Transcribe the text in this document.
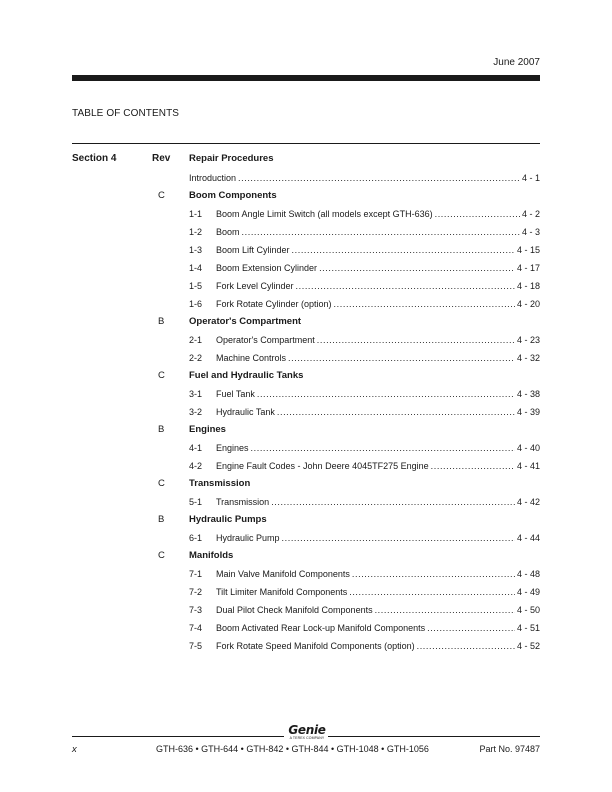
June 2007
TABLE OF CONTENTS
Section 4	Rev Repair Procedures
Introduction .....	4 - 1
C	Boom Components
1-1 Boom Angle Limit Switch (all models except GTH-636) .....	4 - 2
1-2 Boom .....	4 - 3
1-3 Boom Lift Cylinder .....	4 - 15
1-4 Boom Extension Cylinder .....	4 - 17
1-5 Fork Level Cylinder .....	4 - 18
1-6 Fork Rotate Cylinder (option) .....	4 - 20
B	Operator's Compartment
2-1 Operator's Compartment .....	4 - 23
2-2 Machine Controls .....	4 - 32
C	Fuel and Hydraulic Tanks
3-1 Fuel Tank .....	4 - 38
3-2 Hydraulic Tank .....	4 - 39
B	Engines
4-1 Engines .....	4 - 40
4-2 Engine Fault Codes - John Deere 4045TF275 Engine .....	4 - 41
C	Transmission
5-1 Transmission .....	4 - 42
B	Hydraulic Pumps
6-1 Hydraulic Pump .....	4 - 44
C	Manifolds
7-1 Main Valve Manifold Components .....	4 - 48
7-2 Tilt Limiter Manifold Components .....	4 - 49
7-3 Dual Pilot Check Manifold Components .....	4 - 50
7-4 Boom Activated Rear Lock-up Manifold Components .....	4 - 51
7-5 Fork Rotate Speed Manifold Components (option) .....	4 - 52
Genie
A TEREX COMPANY
x	GTH-636 • GTH-644 • GTH-842 • GTH-844 • GTH-1048 • GTH-1056	Part No. 97487
